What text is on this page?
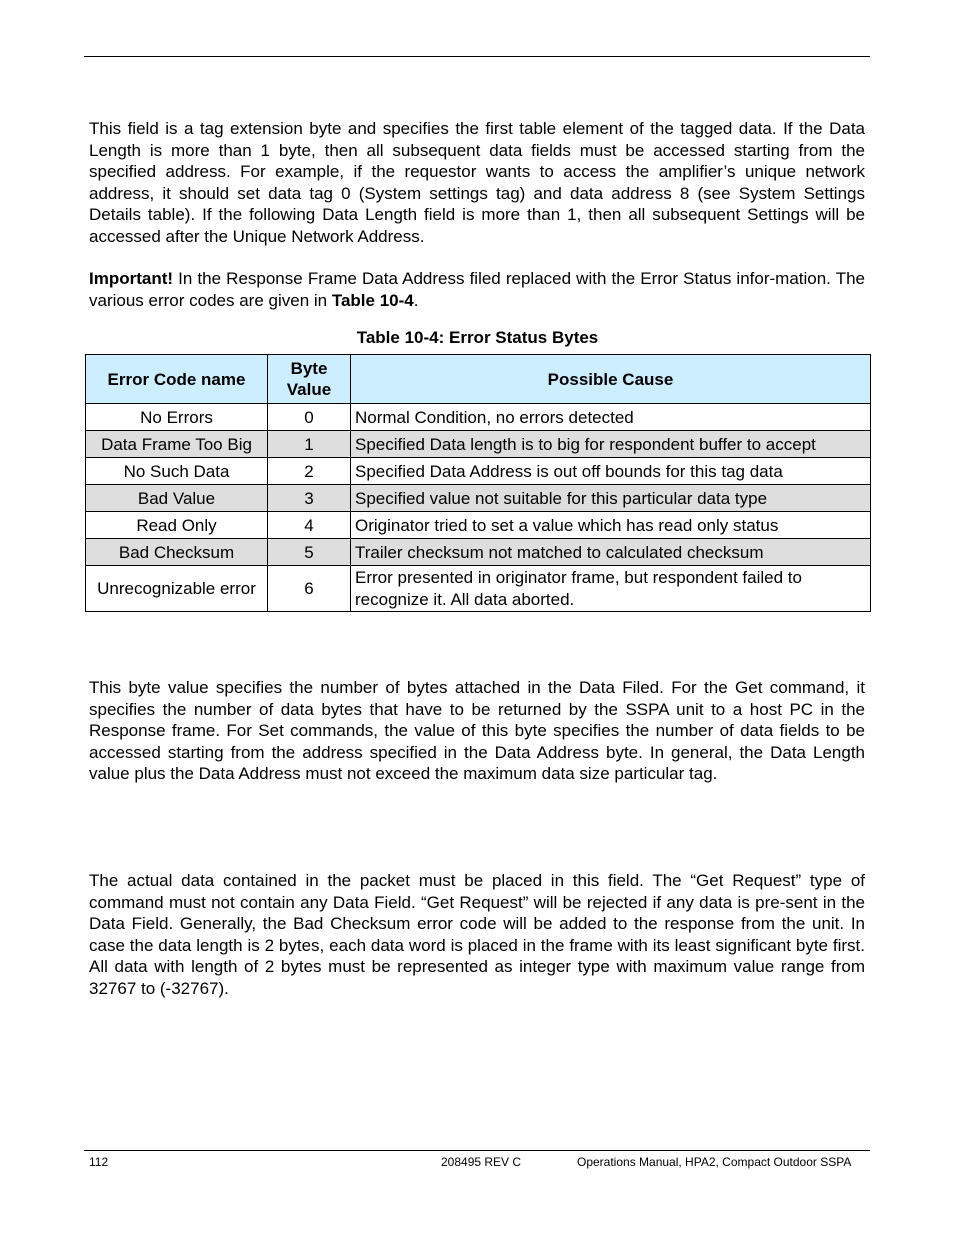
This field is a tag extension byte and specifies the first table element of the tagged data. If the Data Length is more than 1 byte, then all subsequent data fields must be accessed starting from the specified address. For example, if the requestor wants to access the amplifier’s unique network address, it should set data tag 0 (System settings tag) and data address 8 (see System Settings Details table). If the following Data Length field is more than 1, then all subsequent Settings will be accessed after the Unique Network Address.

Important! In the Response Frame Data Address filed replaced with the Error Status infor-mation. The various error codes are given in Table 10-4.

Table 10-4: Error Status Bytes
Error Code name	Byte Value	Possible Cause
No Errors	0	Normal Condition, no errors detected
Data Frame Too Big	1	Specified Data length is to big for respondent buffer to accept
No Such Data	2	Specified Data Address is out off bounds for this tag data
Bad Value	3	Specified value not suitable for this particular data type
Read Only	4	Originator tried to set a value which has read only status
Bad Checksum	5	Trailer checksum not matched to calculated checksum
Unrecognizable error	6	Error presented in originator frame, but respondent failed to recognize it. All data aborted.

This byte value specifies the number of bytes attached in the Data Filed. For the Get command, it specifies the number of data bytes that have to be returned by the SSPA unit to a host PC in the Response frame. For Set commands, the value of this byte specifies the number of data fields to be accessed starting from the address specified in the Data Address byte. In general, the Data Length value plus the Data Address must not exceed the maximum data size particular tag.

The actual data contained in the packet must be placed in this field. The “Get Request” type of command must not contain any Data Field. “Get Request” will be rejected if any data is pre-sent in the Data Field. Generally, the Bad Checksum error code will be added to the response from the unit. In case the data length is 2 bytes, each data word is placed in the frame with its least significant byte first. All data with length of 2 bytes must be represented as integer type with maximum value range from 32767 to (-32767).

112	208495 REV C	Operations Manual, HPA2, Compact Outdoor SSPA
